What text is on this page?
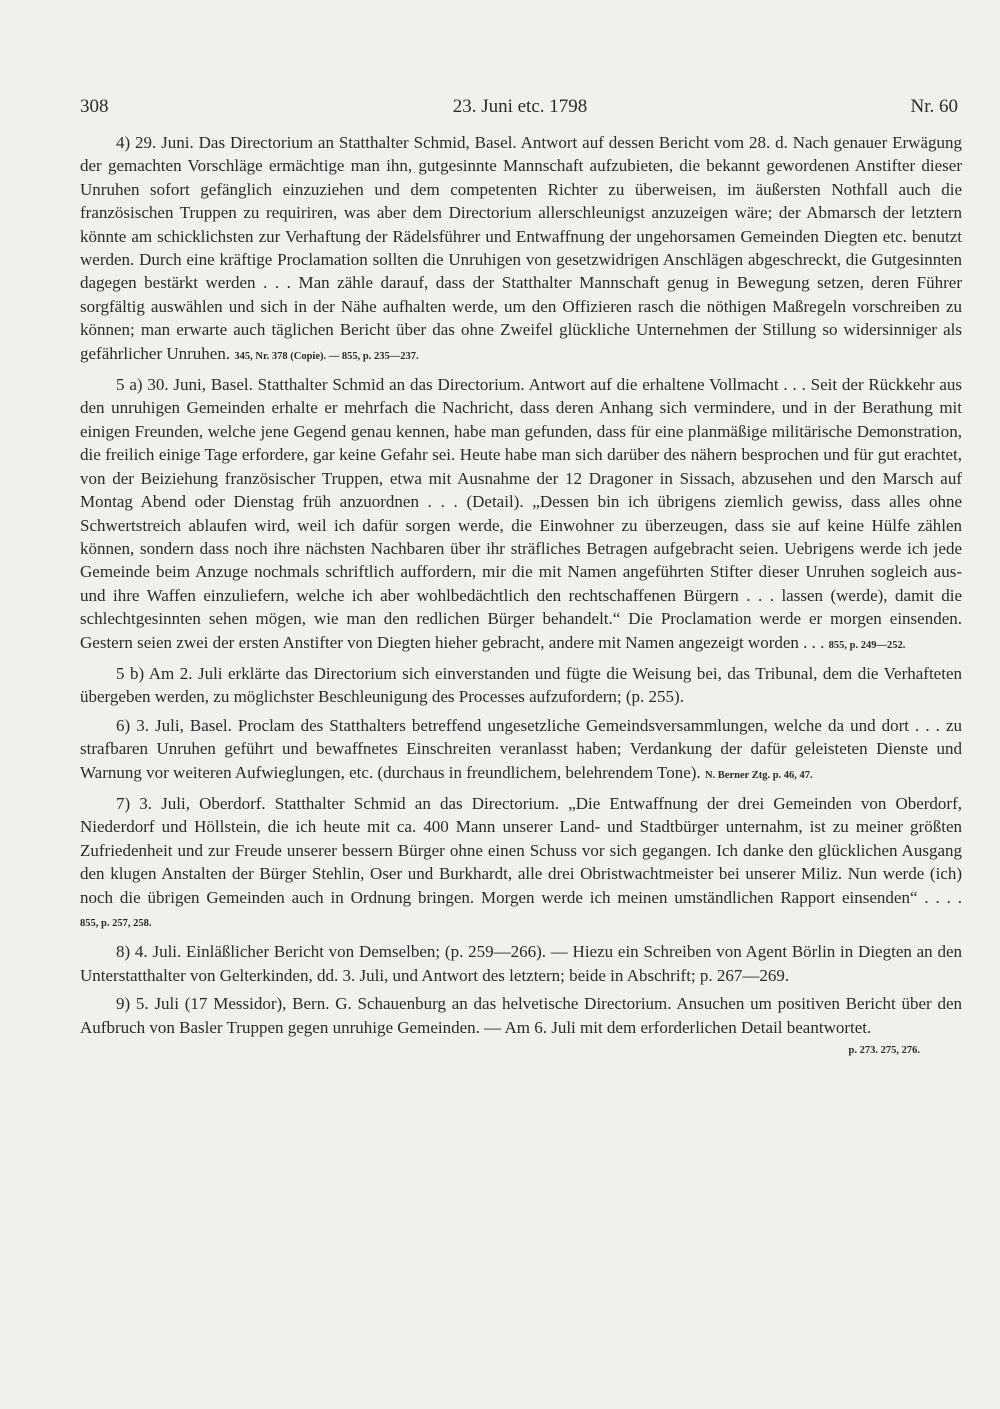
308	23. Juni etc. 1798	Nr. 60

4) 29. Juni. Das Directorium an Statthalter Schmid, Basel. Antwort auf dessen Bericht vom 28. d. Nach genauer Erwägung der gemachten Vorschläge ermächtige man ihn, gutgesinnte Mannschaft aufzubieten, die bekannt gewordenen Anstifter dieser Unruhen sofort gefänglich einzuziehen und dem competenten Richter zu überweisen, im äußersten Nothfall auch die französischen Truppen zu requiriren, was aber dem Directorium allerschleunigst anzuzeigen wäre; der Abmarsch der letztern könnte am schicklichsten zur Verhaftung der Rädelsführer und Entwaffnung der ungehorsamen Gemeinden Diegten etc. benutzt werden. Durch eine kräftige Proclamation sollten die Unruhigen von gesetzwidrigen Anschlägen abgeschreckt, die Gutgesinnten dagegen bestärkt werden . . . Man zähle darauf, dass der Statthalter Mannschaft genug in Bewegung setzen, deren Führer sorgfältig auswählen und sich in der Nähe aufhalten werde, um den Offizieren rasch die nöthigen Maßregeln vorschreiben zu können; man erwarte auch täglichen Bericht über das ohne Zweifel glückliche Unternehmen der Stillung so widersinniger als gefährlicher Unruhen. 345, Nr. 378 (Copie). — 855, p. 235—237.

5 a) 30. Juni, Basel. Statthalter Schmid an das Directorium. Antwort auf die erhaltene Vollmacht . . . Seit der Rückkehr aus den unruhigen Gemeinden erhalte er mehrfach die Nachricht, dass deren Anhang sich vermindere, und in der Berathung mit einigen Freunden, welche jene Gegend genau kennen, habe man gefunden, dass für eine planmäßige militärische Demonstration, die freilich einige Tage erfordere, gar keine Gefahr sei. Heute habe man sich darüber des nähern besprochen und für gut erachtet, von der Beiziehung französischer Truppen, etwa mit Ausnahme der 12 Dragoner in Sissach, abzusehen und den Marsch auf Montag Abend oder Dienstag früh anzuordnen . . . (Detail). „Dessen bin ich übrigens ziemlich gewiss, dass alles ohne Schwertstreich ablaufen wird, weil ich dafür sorgen werde, die Einwohner zu überzeugen, dass sie auf keine Hülfe zählen können, sondern dass noch ihre nächsten Nachbaren über ihr sträfliches Betragen aufgebracht seien. Uebrigens werde ich jede Gemeinde beim Anzuge nochmals schriftlich auffordern, mir die mit Namen angeführten Stifter dieser Unruhen sogleich aus- und ihre Waffen einzuliefern, welche ich aber wohlbedächtlich den rechtschaffenen Bürgern . . . lassen (werde), damit die schlechtgesinnten sehen mögen, wie man den redlichen Bürger behandelt.“ Die Proclamation werde er morgen einsenden. Gestern seien zwei der ersten Anstifter von Diegten hieher gebracht, andere mit Namen angezeigt worden . . . 855, p. 249—252.

5 b) Am 2. Juli erklärte das Directorium sich einverstanden und fügte die Weisung bei, das Tribunal, dem die Verhafteten übergeben werden, zu möglichster Beschleunigung des Processes aufzufordern; (p. 255).

6) 3. Juli, Basel. Proclam des Statthalters betreffend ungesetzliche Gemeindsversammlungen, welche da und dort . . . zu strafbaren Unruhen geführt und bewaffnetes Einschreiten veranlasst haben; Verdankung der dafür geleisteten Dienste und Warnung vor weiteren Aufwieglungen, etc. (durchaus in freundlichem, belehrendem Tone). N. Berner Ztg. p. 46, 47.

7) 3. Juli, Oberdorf. Statthalter Schmid an das Directorium. „Die Entwaffnung der drei Gemeinden von Oberdorf, Niederdorf und Höllstein, die ich heute mit ca. 400 Mann unserer Land- und Stadtbürger unternahm, ist zu meiner größten Zufriedenheit und zur Freude unserer bessern Bürger ohne einen Schuss vor sich gegangen. Ich danke den glücklichen Ausgang den klugen Anstalten der Bürger Stehlin, Oser und Burkhardt, alle drei Obristwachtmeister bei unserer Miliz. Nun werde (ich) noch die übrigen Gemeinden auch in Ordnung bringen. Morgen werde ich meinen umständlichen Rapport einsenden“ . . . . 855, p. 257, 258.

8) 4. Juli. Einläßlicher Bericht von Demselben; (p. 259—266). — Hiezu ein Schreiben von Agent Börlin in Diegten an den Unterstatthalter von Gelterkinden, dd. 3. Juli, und Antwort des letztern; beide in Abschrift; p. 267—269.

9) 5. Juli (17 Messidor), Bern. G. Schauenburg an das helvetische Directorium. Ansuchen um positiven Bericht über den Aufbruch von Basler Truppen gegen unruhige Gemeinden. — Am 6. Juli mit dem erforderlichen Detail beantwortet.
p. 273. 275, 276.
